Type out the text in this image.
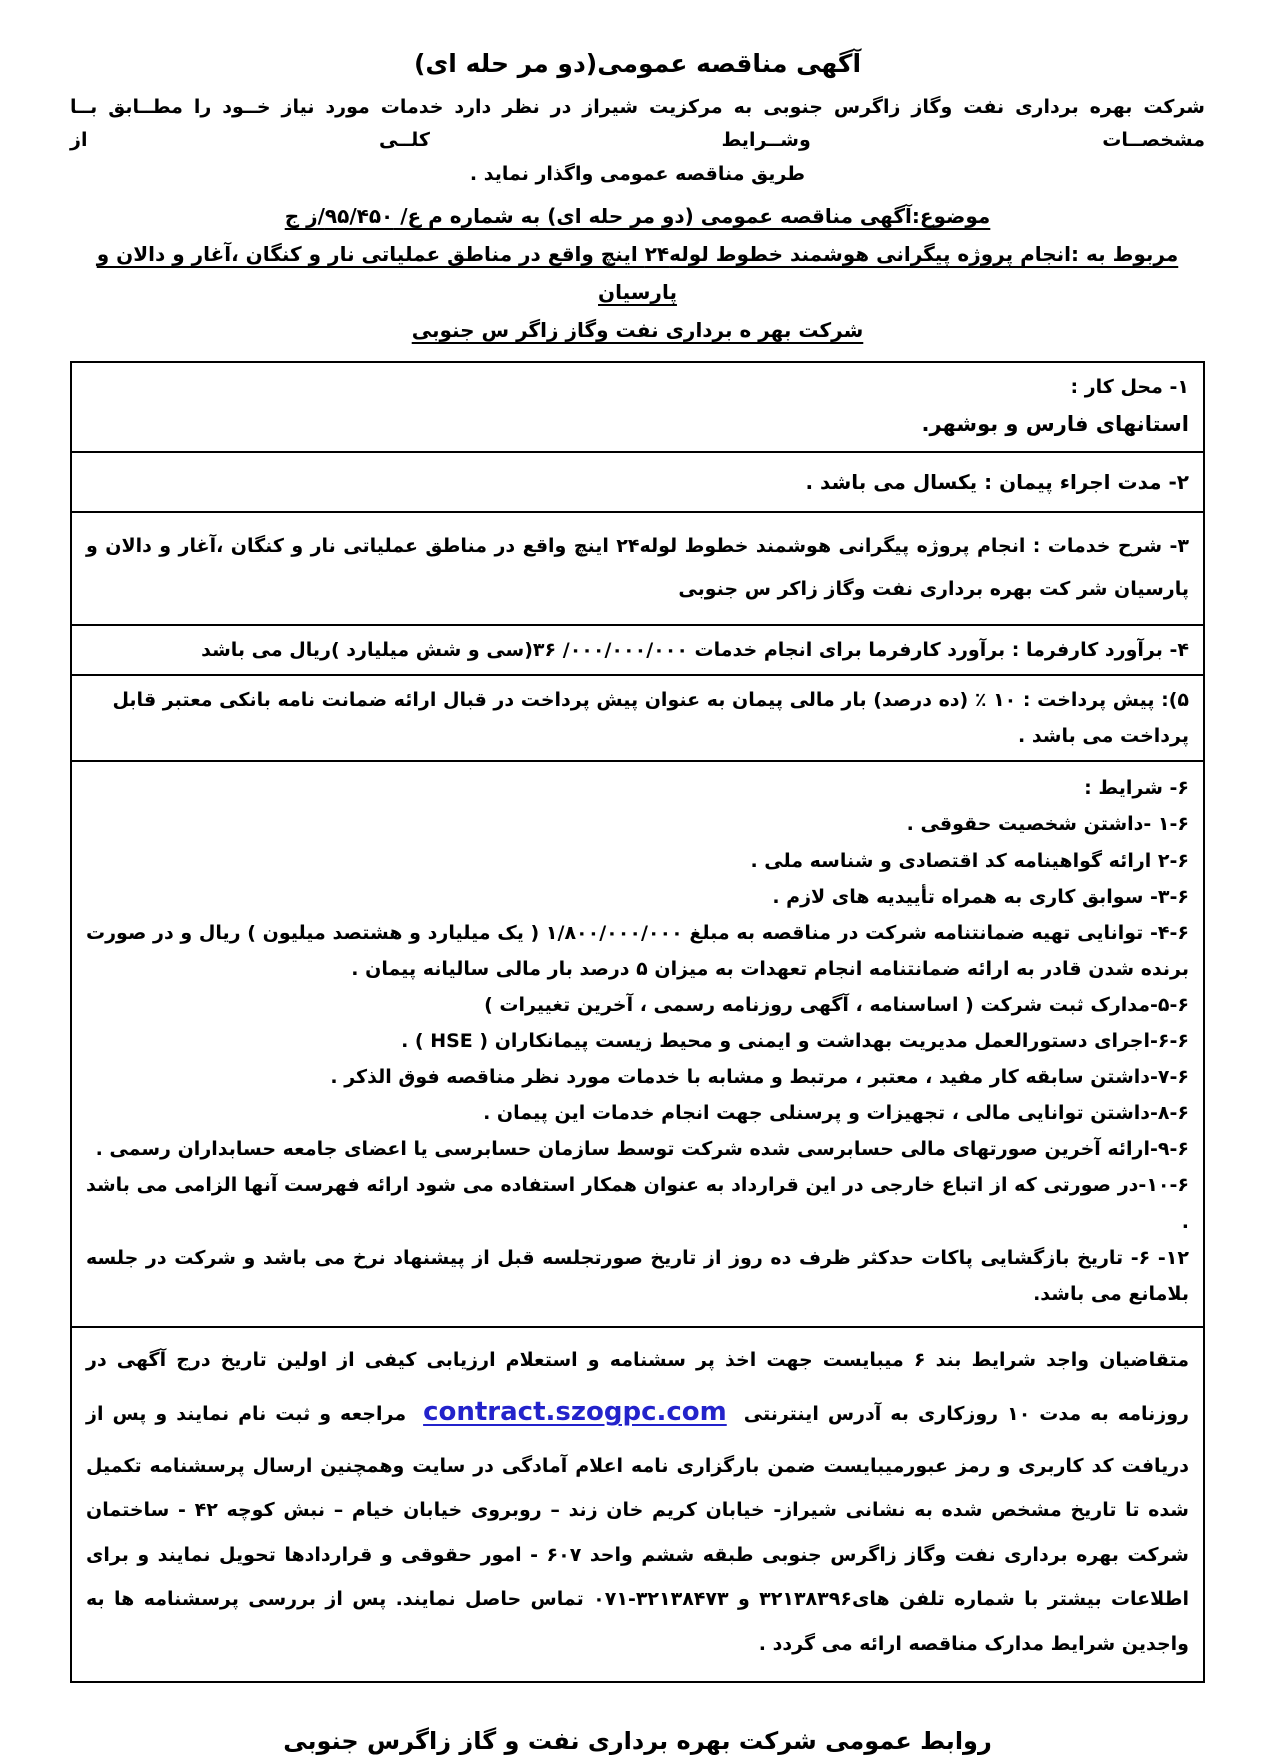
آگهی مناقصه عمومی(دو مر حله ای)
شرکت بهره برداری نفت وگاز زاگرس جنوبی به مرکزیت شیراز در نظر دارد خدمات مورد نیاز خــود را مطــابق بــا مشخصــات وشــرایط کلــی از
طریق مناقصه عمومی واگذار نماید .
موضوع:آگهی مناقصه عمومی (دو مر حله ای) به شماره م ع/ ۹۵/۴۵۰/ز ج
مربوط به :انجام پروژه پیگرانی هوشمند خطوط لوله۲۴ اینچ واقع در مناطق عملیاتی نار و کنگان ،آغار و دالان و پارسیان
شرکت بهر ه برداری نفت وگاز زاگر س جنوبی
۱- محل کار :
استانهای فارس و بوشهر.
۲- مدت اجراء پیمان : یکسال می باشد .
۳- شرح خدمات : انجام پروژه پیگرانی هوشمند خطوط لوله۲۴ اینچ واقع در مناطق عملیاتی نار و کنگان ،آغار و دالان و پارسیان شر کت بهره برداری نفت وگاز زاکر س جنوبی
۴- برآورد کارفرما : برآورد کارفرما برای انجام خدمات ۰۰۰/۰۰۰/۰۰۰/ ۳۶(سی و شش میلیارد )ریال می باشد
۵): پیش پرداخت : ۱۰ ٪ (ده درصد) بار مالی پیمان به عنوان پیش پرداخت در قبال ارائه ضمانت نامه بانکی معتبر قابل پرداخت می باشد .
۶- شرایط :
۱-۶ -داشتن شخصیت حقوقی .
۲-۶ ارائه گواهینامه کد اقتصادی و شناسه ملی .
۳-۶- سوابق کاری به همراه تأییدیه های لازم .
۴-۶- توانایی تهیه ضمانتنامه شرکت در مناقصه به مبلغ ۱/۸۰۰/۰۰۰/۰۰۰ ( یک میلیارد و هشتصد میلیون ) ریال و در صورت برنده شدن قادر به ارائه ضمانتنامه انجام تعهدات به میزان ۵ درصد بار مالی سالیانه پیمان .
۵-۶-مدارک ثبت شرکت ( اساسنامه ، آگهی روزنامه رسمی ، آخرین تغییرات )
۶-۶-اجرای دستورالعمل مدیریت بهداشت و ایمنی و محیط زیست پیمانکاران ( HSE ) .
۷-۶-داشتن سابقه کار مفید ، معتبر ، مرتبط و مشابه با خدمات مورد نظر مناقصه فوق الذکر .
۸-۶-داشتن توانایی مالی ، تجهیزات و پرسنلی جهت انجام خدمات این پیمان .
۹-۶-ارائه آخرین صورتهای مالی حسابرسی شده شرکت توسط سازمان حسابرسی یا اعضای جامعه حسابداران رسمی .
۱۰-۶-در صورتی که از اتباع خارجی در این قرارداد به عنوان همکار استفاده می شود ارائه فهرست آنها الزامی می باشد .
۱۲- ۶- تاریخ بازگشایی پاکات حدکثر ظرف ده روز از تاریخ صورتجلسه قبل از پیشنهاد نرخ می باشد و شرکت در جلسه بلامانع می باشد.
متقاضیان واجد شرایط بند ۶ میبایست جهت اخذ پر سشنامه و استعلام ارزیابی کیفی از اولین تاریخ درج آگهی در روزنامه به مدت ۱۰ روزکاری به آدرس اینترنتی contract.szogpc.com مراجعه و ثبت نام نمایند و پس از دریافت کد کاربری و رمز عبورمیبایست ضمن بارگزاری نامه اعلام آمادگی در سایت وهمچنین ارسال پرسشنامه تکمیل شده تا تاریخ مشخص شده به نشانی شیراز- خیابان کریم خان زند – روبروی خیابان خیام – نبش کوچه ۴۲ - ساختمان شرکت بهره برداری نفت وگاز زاگرس جنوبی طبقه ششم واحد ۶۰۷ - امور حقوقی و قراردادها تحویل نمایند و برای اطلاعات بیشتر با شماره تلفن های۳۲۱۳۸۳۹۶ و ۳۲۱۳۸۴۷۳-۰۷۱ تماس حاصل نمایند. پس از بررسی پرسشنامه ها به واجدین شرایط مدارک مناقصه ارائه می گردد .
روابط عمومی شرکت بهره برداری نفت و گاز زاگرس جنوبی
